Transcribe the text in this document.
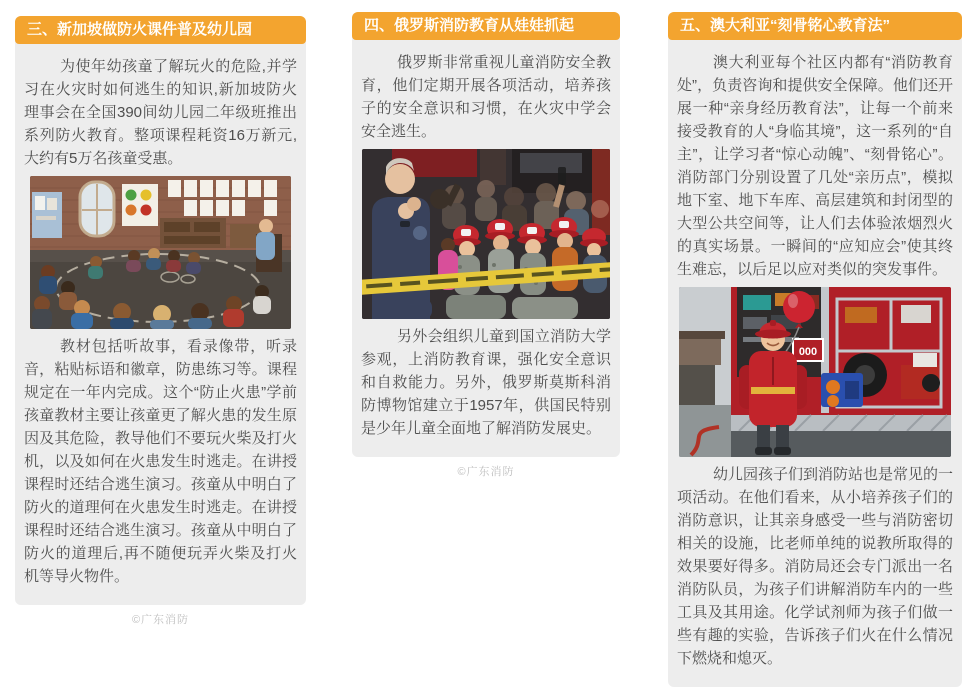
三、新加坡做防火课件普及幼儿园

为使年幼孩童了解玩火的危险,并学习在火灾时如何逃生的知识,新加坡防火理事会在全国390间幼儿园二年级班推出系列防火教育。整项课程耗资16万新元,大约有5万名孩童受惠。

教材包括听故事，看录像带，听录音，粘贴标语和徽章，防患练习等。课程规定在一年内完成。这个“防止火患”学前孩童教材主要让孩童更了解火患的发生原因及其危险，教导他们不要玩火柴及打火机，以及如何在火患发生时逃走。在讲授课程时还结合逃生演习。孩童从中明白了防火的道理何在火患发生时逃走。在讲授课程时还结合逃生演习。孩童从中明白了防火的道理后,再不随便玩弄火柴及打火机等导火物件。

©广东消防
四、俄罗斯消防教育从娃娃抓起

俄罗斯非常重视儿童消防安全教育，他们定期开展各项活动，培养孩子的安全意识和习惯，在火灾中学会安全逃生。

另外会组织儿童到国立消防大学参观，上消防教育课，强化安全意识和自救能力。另外，俄罗斯莫斯科消防博物馆建立于1957年，供国民特别是少年儿童全面地了解消防发展史。

©广东消防
五、澳大利亚“刻骨铭心教育法”

澳大利亚每个社区内都有“消防教育处”，负责咨询和提供安全保障。他们还开展一种“亲身经历教育法”，让每一个前来接受教育的人“身临其境”，这一系列的“自主”，让学习者“惊心动魄”、“刻骨铭心”。消防部门分别设置了几处“亲历点”，模拟地下室、地下车库、高层建筑和封闭型的大型公共空间等，让人们去体验浓烟烈火的真实场景。一瞬间的“应知应会”使其终生难忘，以后足以应对类似的突发事件。

000

幼儿园孩子们到消防站也是常见的一项活动。在他们看来，从小培养孩子们的消防意识，让其亲身感受一些与消防密切相关的设施，比老师单纯的说教所取得的效果要好得多。消防局还会专门派出一名消防队员，为孩子们讲解消防车内的一些工具及其用途。化学试剂师为孩子们做一些有趣的实验，告诉孩子们火在什么情况下燃烧和熄灭。
